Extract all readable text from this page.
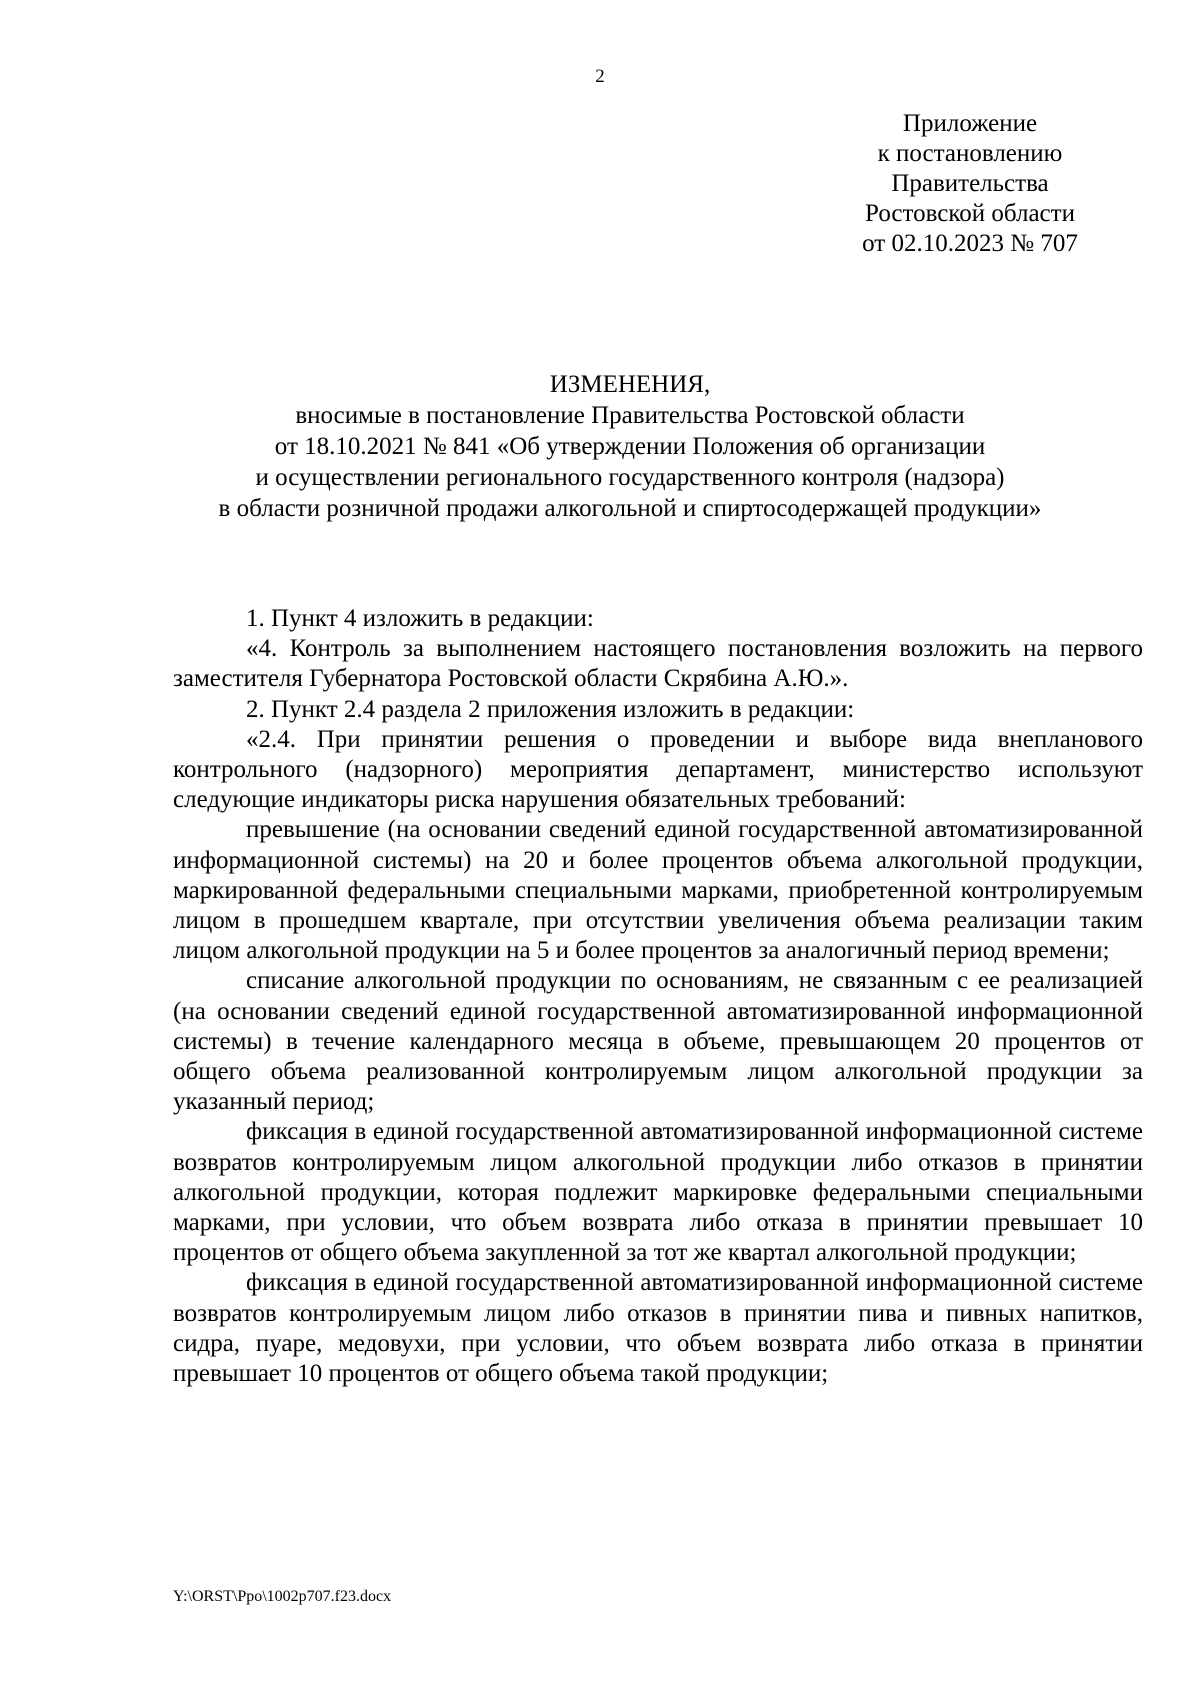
2
Приложение
к постановлению
Правительства
Ростовской области
от 02.10.2023 № 707
ИЗМЕНЕНИЯ,
вносимые в постановление Правительства Ростовской области
от 18.10.2021 № 841 «Об утверждении Положения об организации
и осуществлении регионального государственного контроля (надзора)
в области розничной продажи алкогольной и спиртосодержащей продукции»

1. Пункт 4 изложить в редакции:

«4. Контроль за выполнением настоящего постановления возложить на первого заместителя Губернатора Ростовской области Скрябина А.Ю.».

2. Пункт 2.4 раздела 2 приложения изложить в редакции:

«2.4. При принятии решения о проведении и выборе вида внепланового контрольного (надзорного) мероприятия департамент, министерство используют следующие индикаторы риска нарушения обязательных требований:

превышение (на основании сведений единой государственной автоматизированной информационной системы) на 20 и более процентов объема алкогольной продукции, маркированной федеральными специальными марками, приобретенной контролируемым лицом в прошедшем квартале, при отсутствии увеличения объема реализации таким лицом алкогольной продукции на 5 и более процентов за аналогичный период времени;

списание алкогольной продукции по основаниям, не связанным с ее реализацией (на основании сведений единой государственной автоматизированной информационной системы) в течение календарного месяца в объеме, превышающем 20 процентов от общего объема реализованной контролируемым лицом алкогольной продукции за указанный период;

фиксация в единой государственной автоматизированной информационной системе возвратов контролируемым лицом алкогольной продукции либо отказов в принятии алкогольной продукции, которая подлежит маркировке федеральными специальными марками, при условии, что объем возврата либо отказа в принятии превышает 10 процентов от общего объема закупленной за тот же квартал алкогольной продукции;

фиксация в единой государственной автоматизированной информационной системе возвратов контролируемым лицом либо отказов в принятии пива и пивных напитков, сидра, пуаре, медовухи, при условии, что объем возврата либо отказа в принятии превышает 10 процентов от общего объема такой продукции;

Y:\ORST\Ppo\1002p707.f23.docx
